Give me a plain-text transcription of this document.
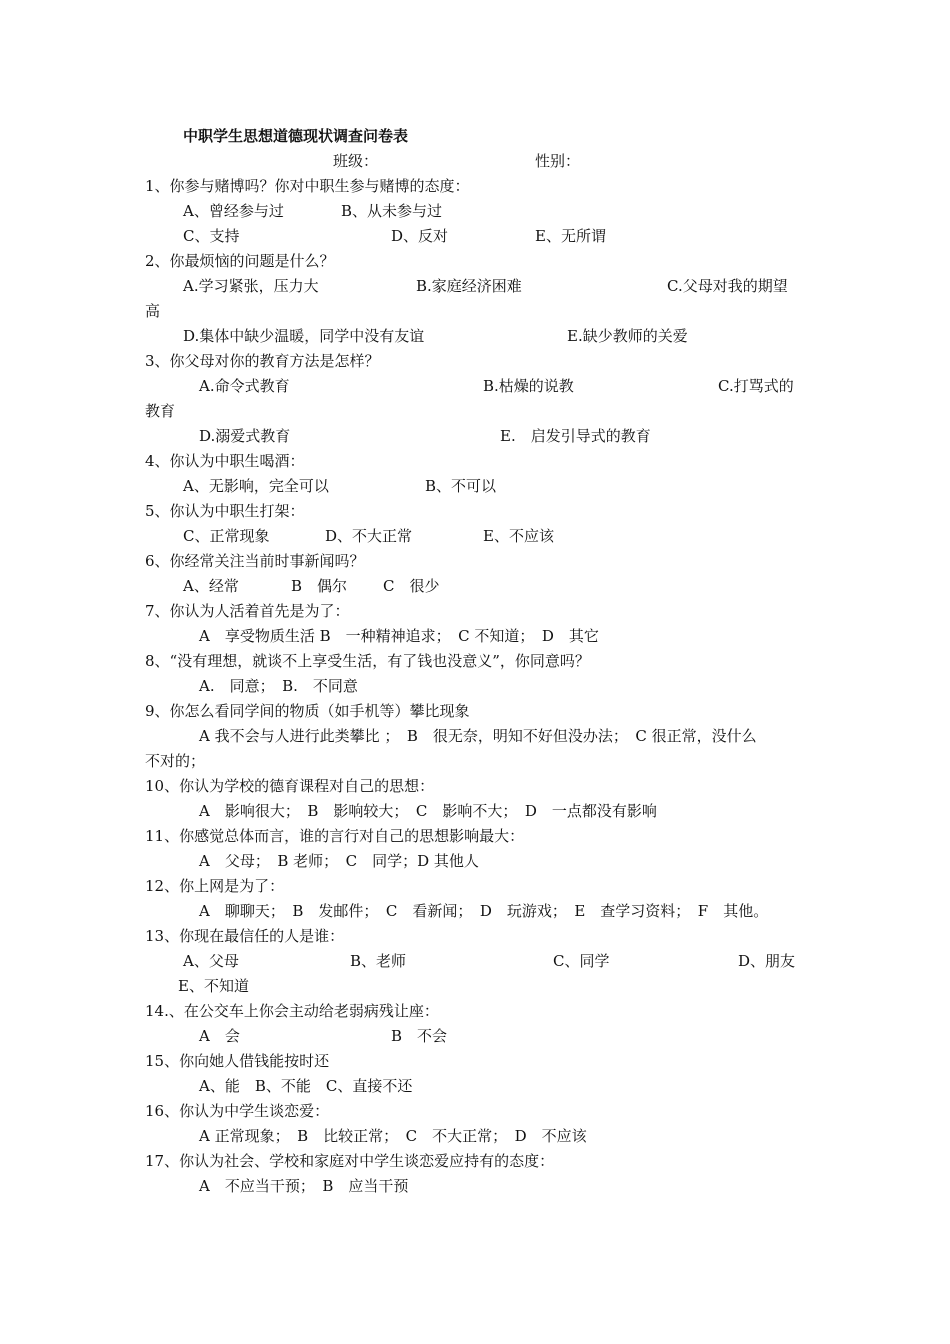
中职学生思想道德现状调查问卷表
班级：	性别：
1、你参与赌博吗？你对中职生参与赌博的态度：
A、曾经参与过	B、从未参与过
C、支持	D、反对	E、无所谓
2、你最烦恼的问题是什么？
A.学习紧张，压力大	B.家庭经济困难	C.父母对我的期望
高
D.集体中缺少温暖，同学中没有友谊	E.缺少教师的关爱
3、你父母对你的教育方法是怎样？
A.命令式教育	B.枯燥的说教	C.打骂式的
教育
D.溺爱式教育	E.　启发引导式的教育
4、你认为中职生喝酒：
A、无影响，完全可以	B、不可以
5、你认为中职生打架：
C、正常现象	D、不大正常	E、不应该
6、你经常关注当前时事新闻吗？
A、经常	B　偶尔 C　很少
7、你认为人活着首先是为了：
A　享受物质生活 B　一种精神追求；　C 不知道；　D　其它
8、“没有理想，就谈不上享受生活，有了钱也没意义”，你同意吗？
A.　同意；　B.　不同意
9、你怎么看同学间的物质（如手机等）攀比现象
A 我不会与人进行此类攀比 ；　B　很无奈，明知不好但没办法；　C 很正常，没什么
不对的；
10、你认为学校的德育课程对自己的思想：
A　影响很大；　B　影响较大；　C　影响不大；　D　一点都没有影响
11、你感觉总体而言，谁的言行对自己的思想影响最大：
A　父母；　B 老师；　C　同学；D 其他人
12、你上网是为了：
A　聊聊天；　B　发邮件；　C　看新闻；　D　玩游戏；　E　查学习资料；　F　其他。
13、你现在最信任的人是谁：
A、父母	B、老师	C、同学	D、朋友
E、不知道
14.、在公交车上你会主动给老弱病残让座：
A　会	B　不会
15、你向她人借钱能按时还
A、能　B、不能　C、直接不还
16、你认为中学生谈恋爱：
A 正常现象；　B　比较正常；　C　不大正常；　D　不应该
17、你认为社会、学校和家庭对中学生谈恋爱应持有的态度：
A　不应当干预；　B　应当干预
